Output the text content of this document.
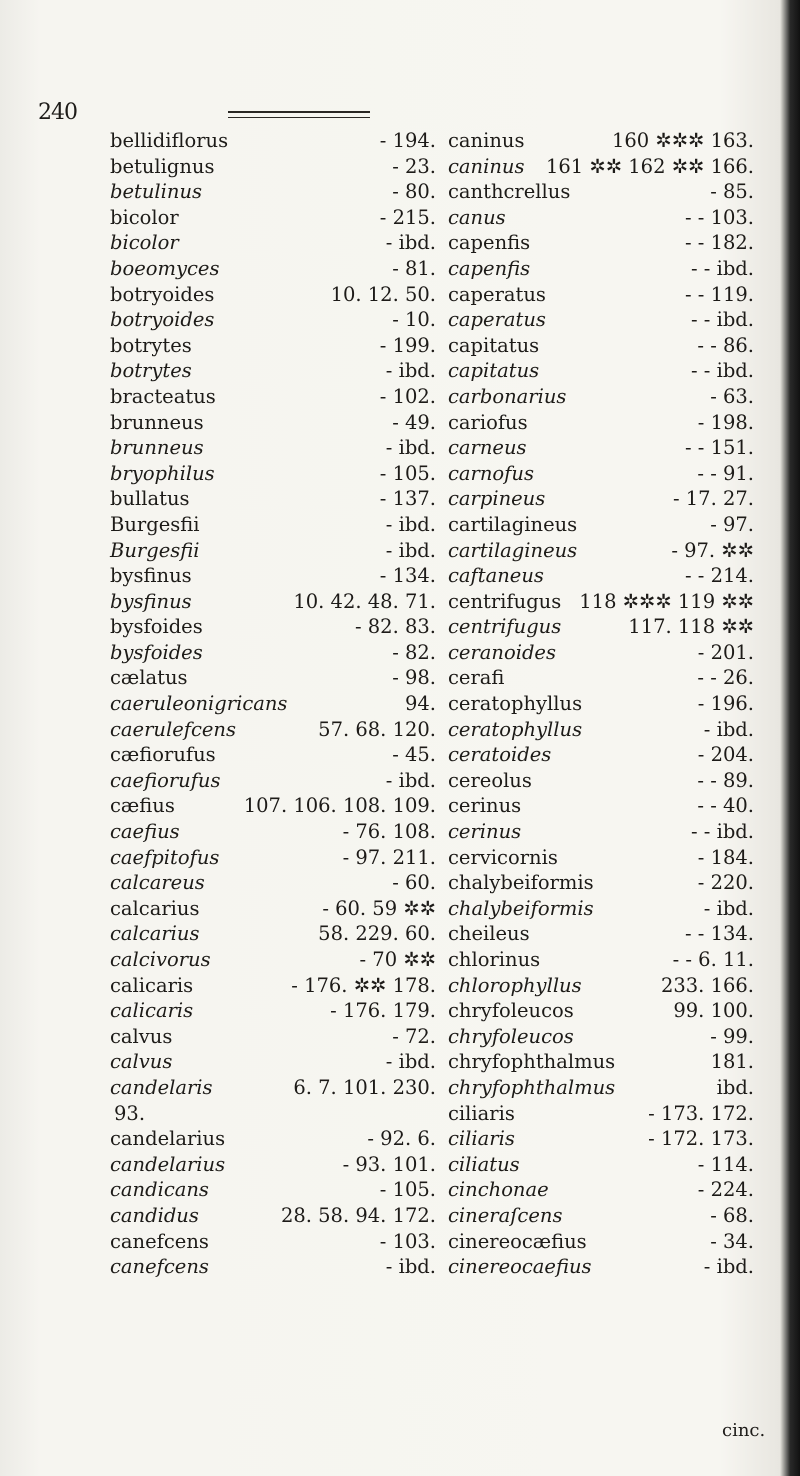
240
bellidiflorus	- 194.
betulignus	- 23.
betulinus	- 80.
bicolor	- 215.
bicolor	- ibd.
boeomyces	- 81.
botryoides	10. 12. 50.
botryoides	- 10.
botrytes	- 199.
botrytes	- ibd.
bracteatus	- 102.
brunneus	- 49.
brunneus	- ibd.
bryophilus	- 105.
bullatus	- 137.
Burgesfii	- ibd.
Burgesfii	- ibd.
bysfinus	- 134.
bysfinus	10. 42. 48. 71.
bysfoides	- 82. 83.
bysfoides	- 82.
cælatus	- 98.
caeruleonigricans	94.
caerulefcens	57. 68. 120.
cæfiorufus	- 45.
caefiorufus	- ibd.
cæfius	107. 106. 108. 109.
caefius	- 76. 108.
caefpitofus	- 97. 211.
calcareus	- 60.
calcarius	- 60. 59 ✲✲
calcarius	58. 229. 60.
calcivorus	- 70 ✲✲
calicaris	- 176. ✲✲ 178.
calicaris	- 176. 179.
calvus	- 72.
calvus	- ibd.
candelaris	6. 7. 101. 230.
93.
candelarius	- 92. 6.
candelarius	- 93. 101.
candicans	- 105.
candidus	28. 58. 94. 172.
canefcens	- 103.
canefcens	- ibd.
caninus	160 ✲✲✲ 163.
caninus	161 ✲✲ 162 ✲✲ 166.
canthcrellus	- 85.
canus	- - 103.
capenfis	- - 182.
capenfis	- - ibd.
caperatus	- - 119.
caperatus	- - ibd.
capitatus	- - 86.
capitatus	- - ibd.
carbonarius	- 63.
cariofus	- 198.
carneus	- - 151.
carnofus	- - 91.
carpineus	- 17. 27.
cartilagineus	- 97.
cartilagineus	- 97. ✲✲
caftaneus	- - 214.
centrifugus 118 ✲✲✲ 119 ✲✲
centrifugus	117. 118 ✲✲
ceranoides	- 201.
cerafi	- - 26.
ceratophyllus	- 196.
ceratophyllus	- ibd.
ceratoides	- 204.
cereolus	- - 89.
cerinus	- - 40.
cerinus	- - ibd.
cervicornis	- 184.
chalybeiformis	- 220.
chalybeiformis	- ibd.
cheileus	- - 134.
chlorinus	- - 6. 11.
chlorophyllus	233. 166.
chryfoleucos	99. 100.
chryfoleucos	- 99.
chryfophthalmus	181.
chryfophthalmus	ibd.
ciliaris	- 173. 172.
ciliaris	- 172. 173.
ciliatus	- 114.
cinchonae	- 224.
cineraſcens	- 68.
cinereocæfius	- 34.
cinereocaefius	- ibd.
cinc.
